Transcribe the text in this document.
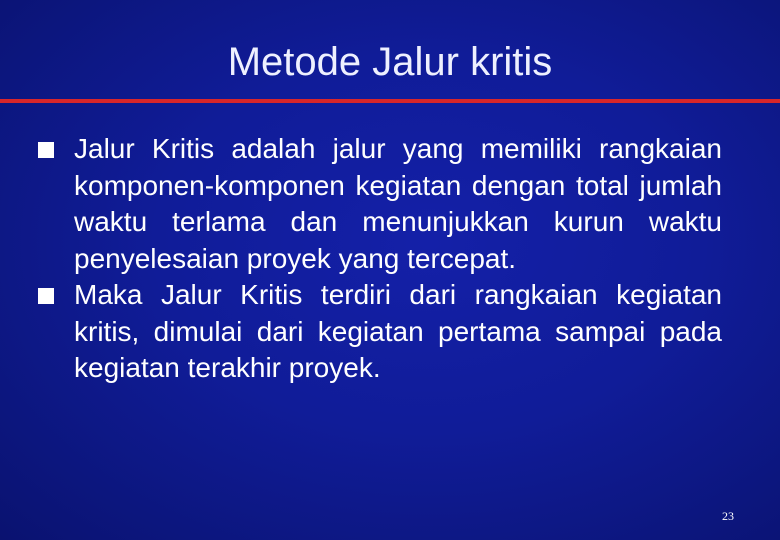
Metode Jalur kritis
Jalur Kritis adalah jalur yang memiliki rangkaian komponen-komponen kegiatan dengan total jumlah waktu terlama dan menunjukkan kurun waktu penyelesaian proyek yang tercepat.
Maka Jalur Kritis terdiri dari rangkaian kegiatan kritis, dimulai dari kegiatan pertama sampai pada kegiatan terakhir proyek.
23
